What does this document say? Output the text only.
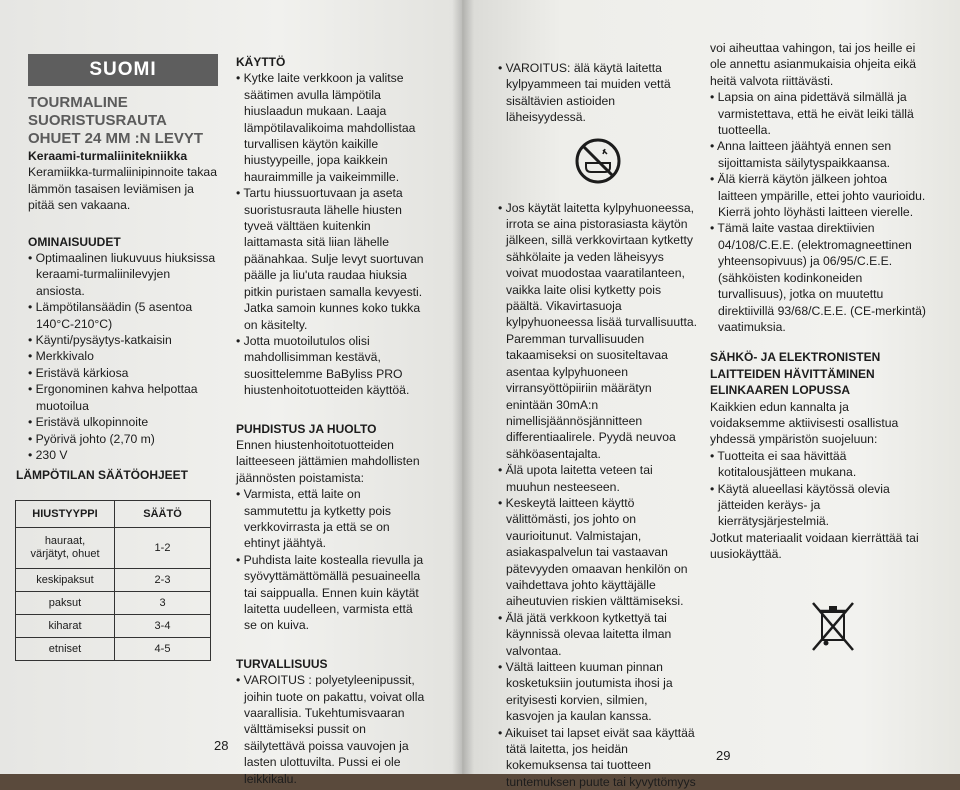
SUOMI

TOURMALINE SUORISTUSRAUTA OHUET 24 MM :N LEVYT

Keraami-turmaliinitekniikka

Keramiikka-turmaliinipinnoite takaa lämmön tasaisen leviämisen ja pitää sen vakaana.

OMINAISUUDET

• Optimaalinen liukuvuus hiuksissa keraami-turmaliinilevyjen ansiosta.

• Lämpötilansäädin (5 asentoa 140°C-210°C)

• Käynti/pysäytys-katkaisin

• Merkkivalo

• Eristävä kärkiosa

• Ergonominen kahva helpottaa muotoilua

• Eristävä ulkopinnoite

• Pyörivä johto (2,70 m)

• 230 V

LÄMPÖTILAN SÄÄTÖOHJEET

HIUSTYYPPI	SÄÄTÖ
hauraat, värjätyt, ohuet	1-2
keskipaksut	2-3
paksut	3
kiharat	3-4
etniset	4-5

KÄYTTÖ

• Kytke laite verkkoon ja valitse säätimen avulla lämpötila hiuslaadun mukaan. Laaja lämpötilavalikoima mahdollistaa turvallisen käytön kaikille hiustyypeille, jopa kaikkein hauraimmille ja vaikeimmille.

• Tartu hiussuortuvaan ja aseta suoristusrauta lähelle hiusten tyveä välttäen kuitenkin laittamasta sitä liian lähelle päänahkaa. Sulje levyt suortuvan päälle ja liu'uta raudaa hiuksia pitkin puristaen samalla kevyesti. Jatka samoin kunnes koko tukka on käsitelty.

• Jotta muotoilutulos olisi mahdollisimman kestävä, suosittelemme BaByliss PRO hiustenhoitotuotteiden käyttöä.

PUHDISTUS JA HUOLTO

Ennen hiustenhoitotuotteiden laitteeseen jättämien mahdollisten jäännösten poistamista:

• Varmista, että laite on sammutettu ja kytketty pois verkkovirrasta ja että se on ehtinyt jäähtyä.

• Puhdista laite kostealla rievulla ja syövyttämättömällä pesuaineella tai saippualla. Ennen kuin käytät laitetta uudelleen, varmista että se on kuiva.

TURVALLISUUS

• VAROITUS : polyetyleenipussit, joihin tuote on pakattu, voivat olla vaarallisia. Tukehtumisvaaran välttämiseksi pussit on säilytettävä poissa vauvojen ja lasten ulottuvilta. Pussi ei ole leikkikalu.

28

• VAROITUS: älä käytä laitetta kylpyammeen tai muiden vettä sisältävien astioiden läheisyydessä.

• Jos käytät laitetta kylpyhuoneessa, irrota se aina pistorasiasta käytön jälkeen, sillä verkkovirtaan kytketty sähkölaite ja veden läheisyys voivat muodostaa vaaratilanteen, vaikka laite olisi kytketty pois päältä. Vikavirtasuoja kylpyhuoneessa lisää turvallisuutta. Paremman turvallisuuden takaamiseksi on suositeltavaa asentaa kylpyhuoneen virransyöttöpiiriin määrätyn enintään 30mA:n nimellisjäännösjännitteen differentiaalirele. Pyydä neuvoa sähköasentajalta.

• Älä upota laitetta veteen tai muuhun nesteeseen.

• Keskeytä laitteen käyttö välittömästi, jos johto on vaurioitunut. Valmistajan, asiakaspalvelun tai vastaavan pätevyyden omaavan henkilön on vaihdettava johto käyttäjälle aiheutuvien riskien välttämiseksi.

• Älä jätä verkkoon kytkettyä tai käynnissä olevaa laitetta ilman valvontaa.

• Vältä laitteen kuuman pinnan kosketuksiin joutumista ihosi ja erityisesti korvien, silmien, kasvojen ja kaulan kanssa.

• Aikuiset tai lapset eivät saa käyttää tätä laitetta, jos heidän kokemuksensa tai tuotteen tuntemuksen puute tai kyvyttömyys

voi aiheuttaa vahingon, tai jos heille ei ole annettu asianmukaisia ohjeita eikä heitä valvota riittävästi.

• Lapsia on aina pidettävä silmällä ja varmistettava, että he eivät leiki tällä tuotteella.

• Anna laitteen jäähtyä ennen sen sijoittamista säilytyspaikkaansa.

• Älä kierrä käytön jälkeen johtoa laitteen ympärille, ettei johto vaurioidu. Kierrä johto löyhästi laitteen vierelle.

• Tämä laite vastaa direktiivien 04/108/C.E.E. (elektromagneettinen yhteensopivuus) ja 06/95/C.E.E. (sähköisten kodinkoneiden turvallisuus), jotka on muutettu direktiivillä 93/68/C.E.E. (CE-merkintä) vaatimuksia.

SÄHKÖ- JA ELEKTRONISTEN LAITTEIDEN HÄVITTÄMINEN ELINKAAREN LOPUSSA

Kaikkien edun kannalta ja voidaksemme aktiivisesti osallistua yhdessä ympäristön suojeluun:

• Tuotteita ei saa hävittää kotitalousjätteen mukana.

• Käytä alueellasi käytössä olevia jätteiden keräys- ja kierrätysjärjestelmiä.

Jotkut materiaalit voidaan kierrättää tai uusiokäyttää.

29
